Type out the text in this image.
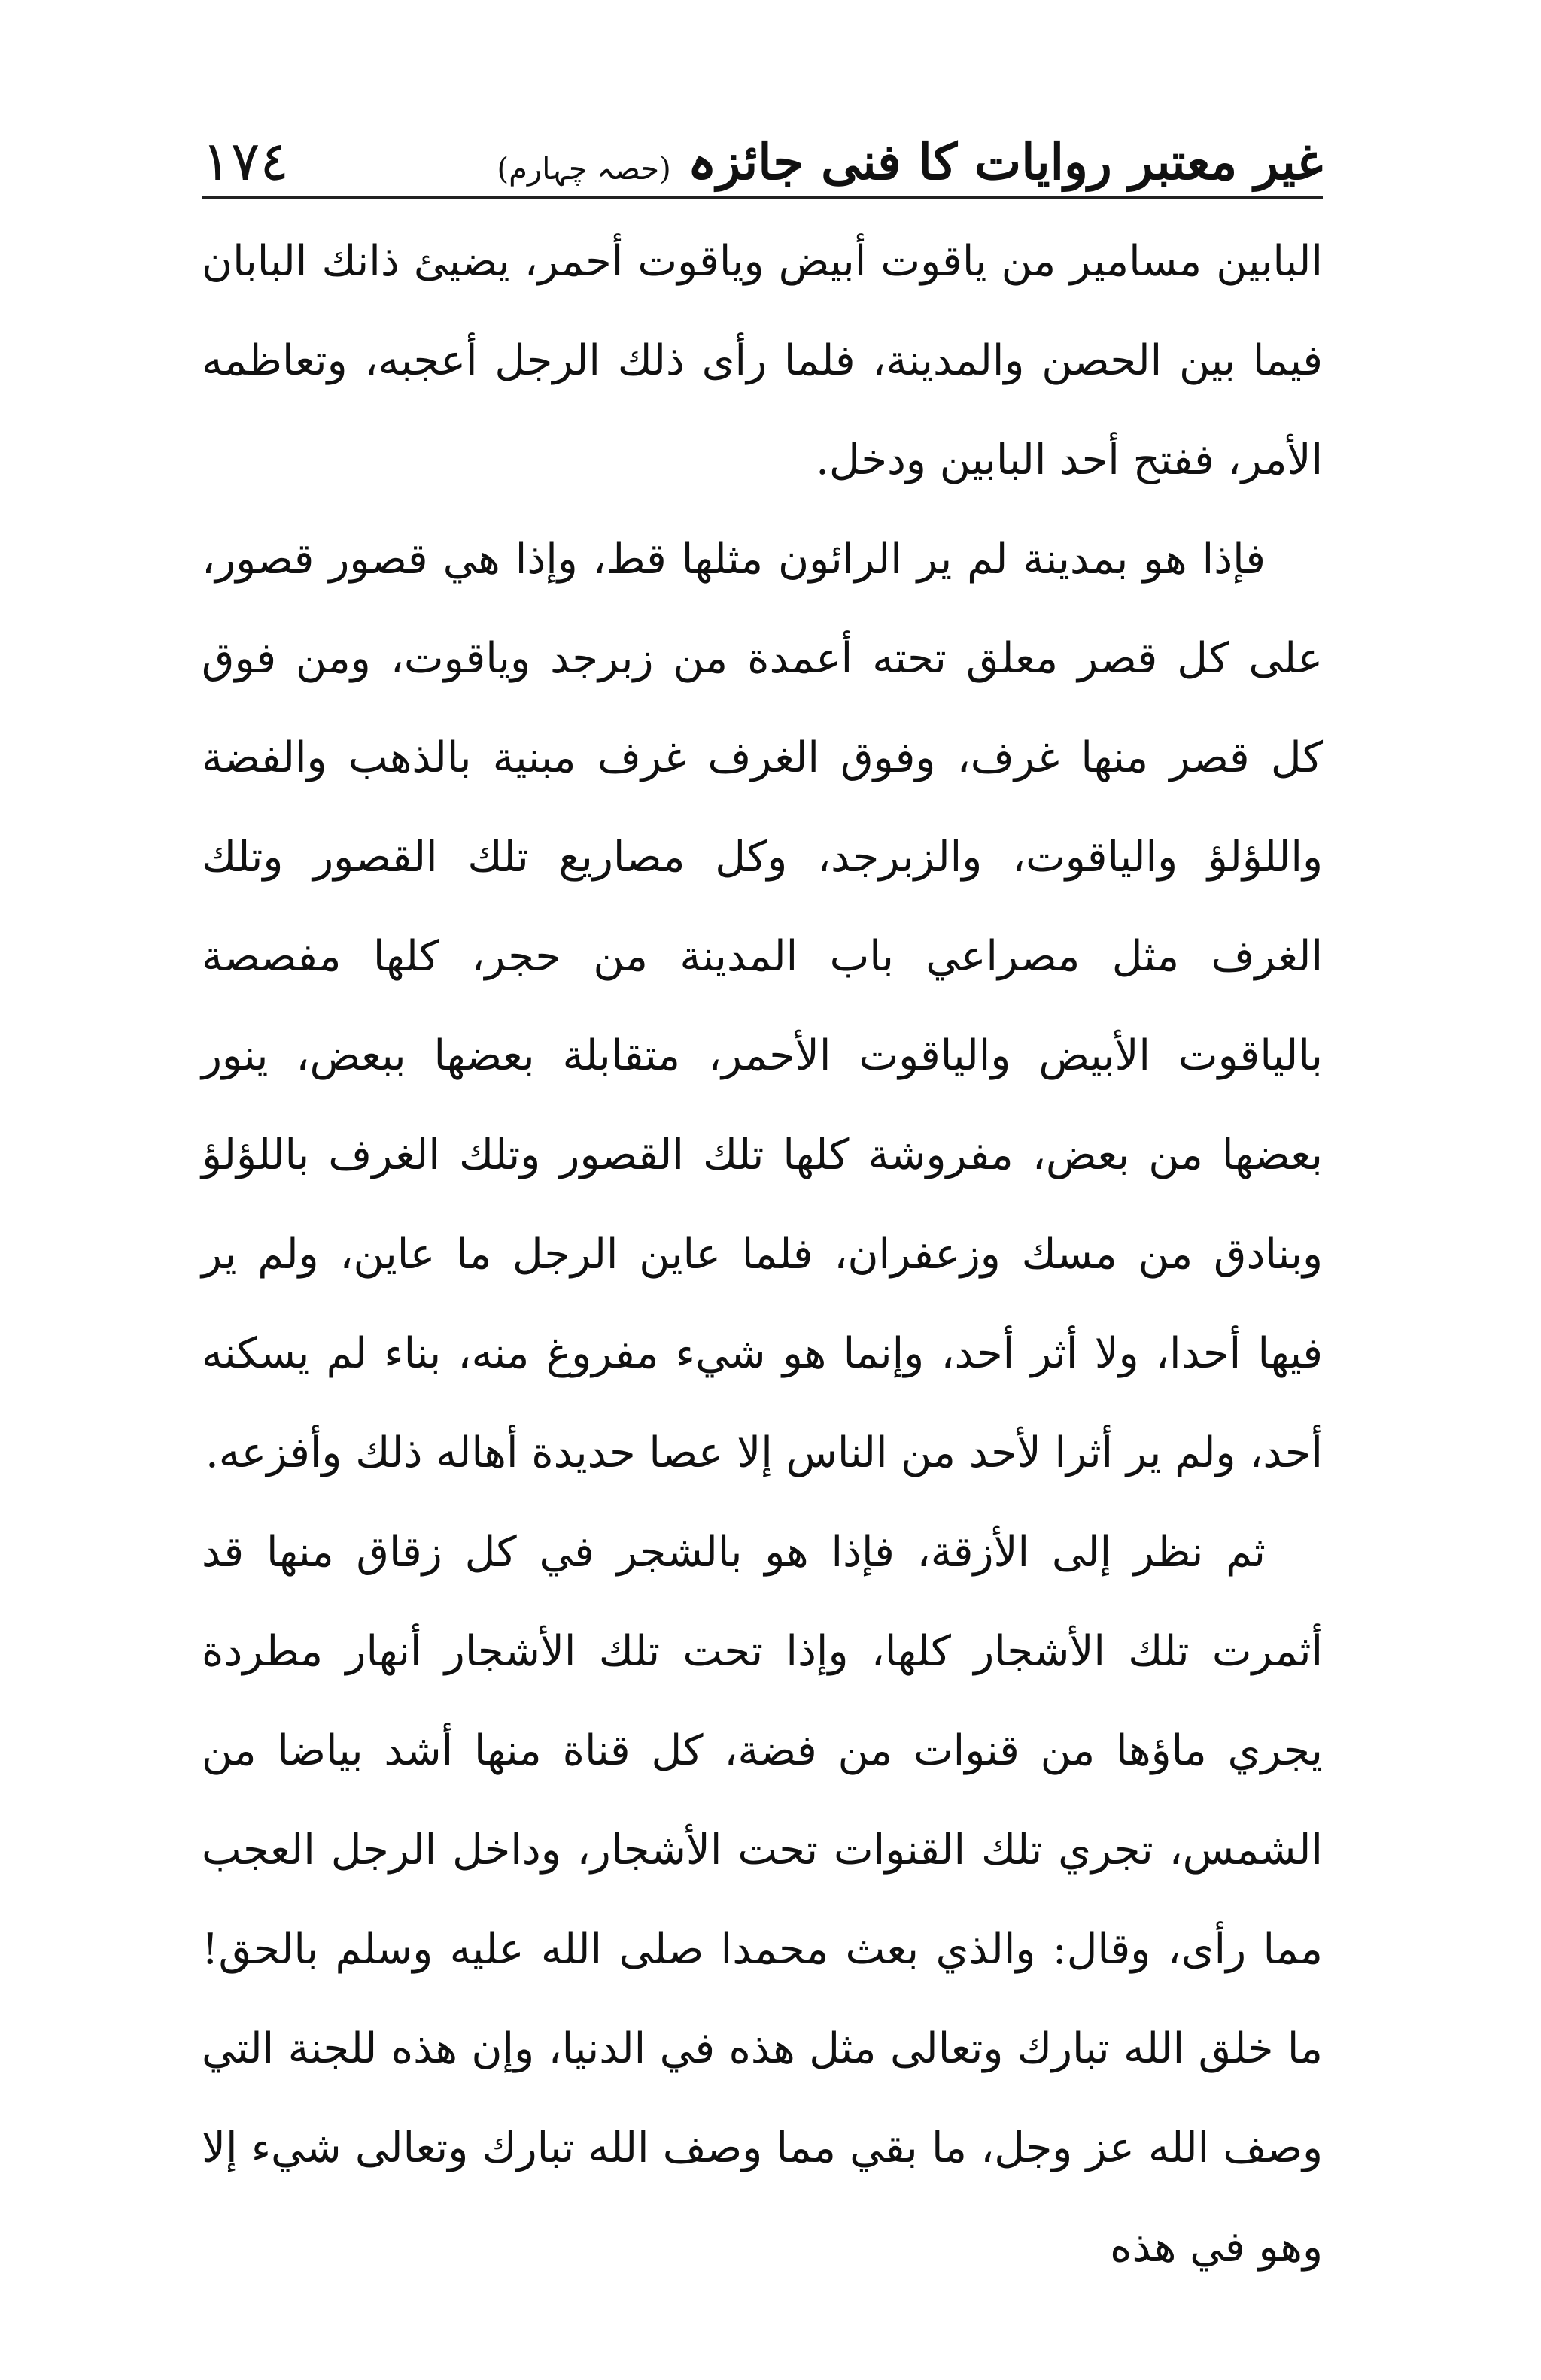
١٧٤	غیر معتبر روایات کا فنی جائزہ
(حصہ چہارم)

البابين مسامير من ياقوت أبيض وياقوت أحمر، يضيئ ذانك البابان فيما بين الحصن والمدينة، فلما رأى ذلك الرجل أعجبه، وتعاظمه الأمر، ففتح أحد البابين ودخل.

فإذا هو بمدينة لم ير الرائون مثلها قط، وإذا هي قصور قصور، على كل قصر معلق تحته أعمدة من زبرجد وياقوت، ومن فوق كل قصر منها غرف، وفوق الغرف غرف مبنية بالذهب والفضة واللؤلؤ والياقوت، والزبرجد، وكل مصاريع تلك القصور وتلك الغرف مثل مصراعي باب المدينة من حجر، كلها مفصصة بالياقوت الأبيض والياقوت الأحمر، متقابلة بعضها ببعض، ينور بعضها من بعض، مفروشة كلها تلك القصور وتلك الغرف باللؤلؤ وبنادق من مسك وزعفران، فلما عاين الرجل ما عاين، ولم ير فيها أحدا، ولا أثر أحد، وإنما هو شيء مفروغ منه، بناء لم يسكنه أحد، ولم ير أثرا لأحد من الناس إلا عصا حديدة أهاله ذلك وأفزعه.

ثم نظر إلى الأزقة، فإذا هو بالشجر في كل زقاق منها قد أثمرت تلك الأشجار كلها، وإذا تحت تلك الأشجار أنهار مطردة يجري ماؤها من قنوات من فضة، كل قناة منها أشد بياضا من الشمس، تجري تلك القنوات تحت الأشجار، وداخل الرجل العجب مما رأى، وقال: والذي بعث محمدا صلى الله عليه وسلم بالحق! ما خلق الله تبارك وتعالى مثل هذه في الدنيا، وإن هذه للجنة التي وصف الله عز وجل، ما بقي مما وصف الله تبارك وتعالى شيء إلا وهو في هذه
